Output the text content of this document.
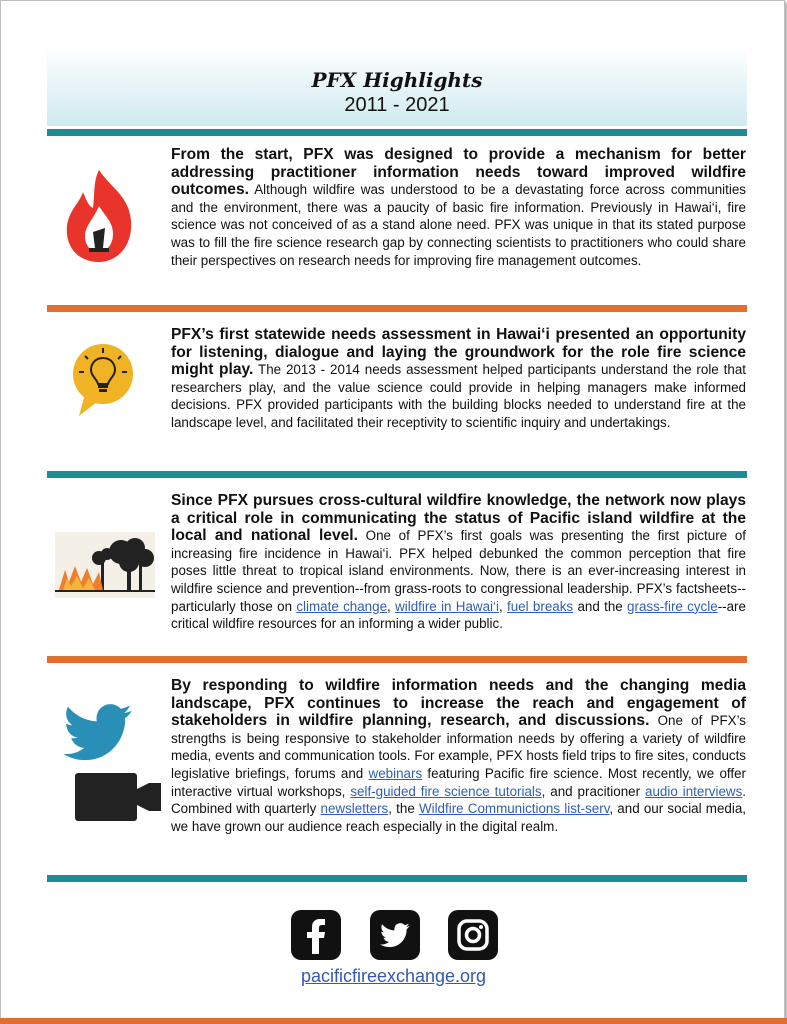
PFX Highlights
2011 - 2021
From the start, PFX was designed to provide a mechanism for better addressing practitioner information needs toward improved wildfire outcomes. Although wildfire was understood to be a devastating force across communities and the environment, there was a paucity of basic fire information. Previously in Hawai‘i, fire science was not conceived of as a stand alone need. PFX was unique in that its stated purpose was to fill the fire science research gap by connecting scientists to practitioners who could share their perspectives on research needs for improving fire management outcomes.
PFX’s first statewide needs assessment in Hawai‘i presented an opportunity for listening, dialogue and laying the groundwork for the role fire science might play. The 2013 - 2014 needs assessment helped participants understand the role that researchers play, and the value science could provide in helping managers make informed decisions. PFX provided participants with the building blocks needed to understand fire at the landscape level, and facilitated their receptivity to scientific inquiry and undertakings.
Since PFX pursues cross-cultural wildfire knowledge, the network now plays a critical role in communicating the status of Pacific island wildfire at the local and national level. One of PFX’s first goals was presenting the first picture of increasing fire incidence in Hawai‘i. PFX helped debunked the common perception that fire poses little threat to tropical island environments. Now, there is an ever-increasing interest in wildfire science and prevention--from grass-roots to congressional leadership. PFX’s factsheets--particularly those on climate change, wildfire in Hawai‘i, fuel breaks and the grass-fire cycle--are critical wildfire resources for an informing a wider public.
By responding to wildfire information needs and the changing media landscape, PFX continues to increase the reach and engagement of stakeholders in wildfire planning, research, and discussions. One of PFX’s strengths is being responsive to stakeholder information needs by offering a variety of wildfire media, events and communication tools. For example, PFX hosts field trips to fire sites, conducts legislative briefings, forums and webinars featuring Pacific fire science. Most recently, we offer interactive virtual workshops, self-guided fire science tutorials, and pracitioner audio interviews. Combined with quarterly newsletters, the Wildfire Communictions list-serv, and our social media, we have grown our audience reach especially in the digital realm.
pacificfireexchange.org
